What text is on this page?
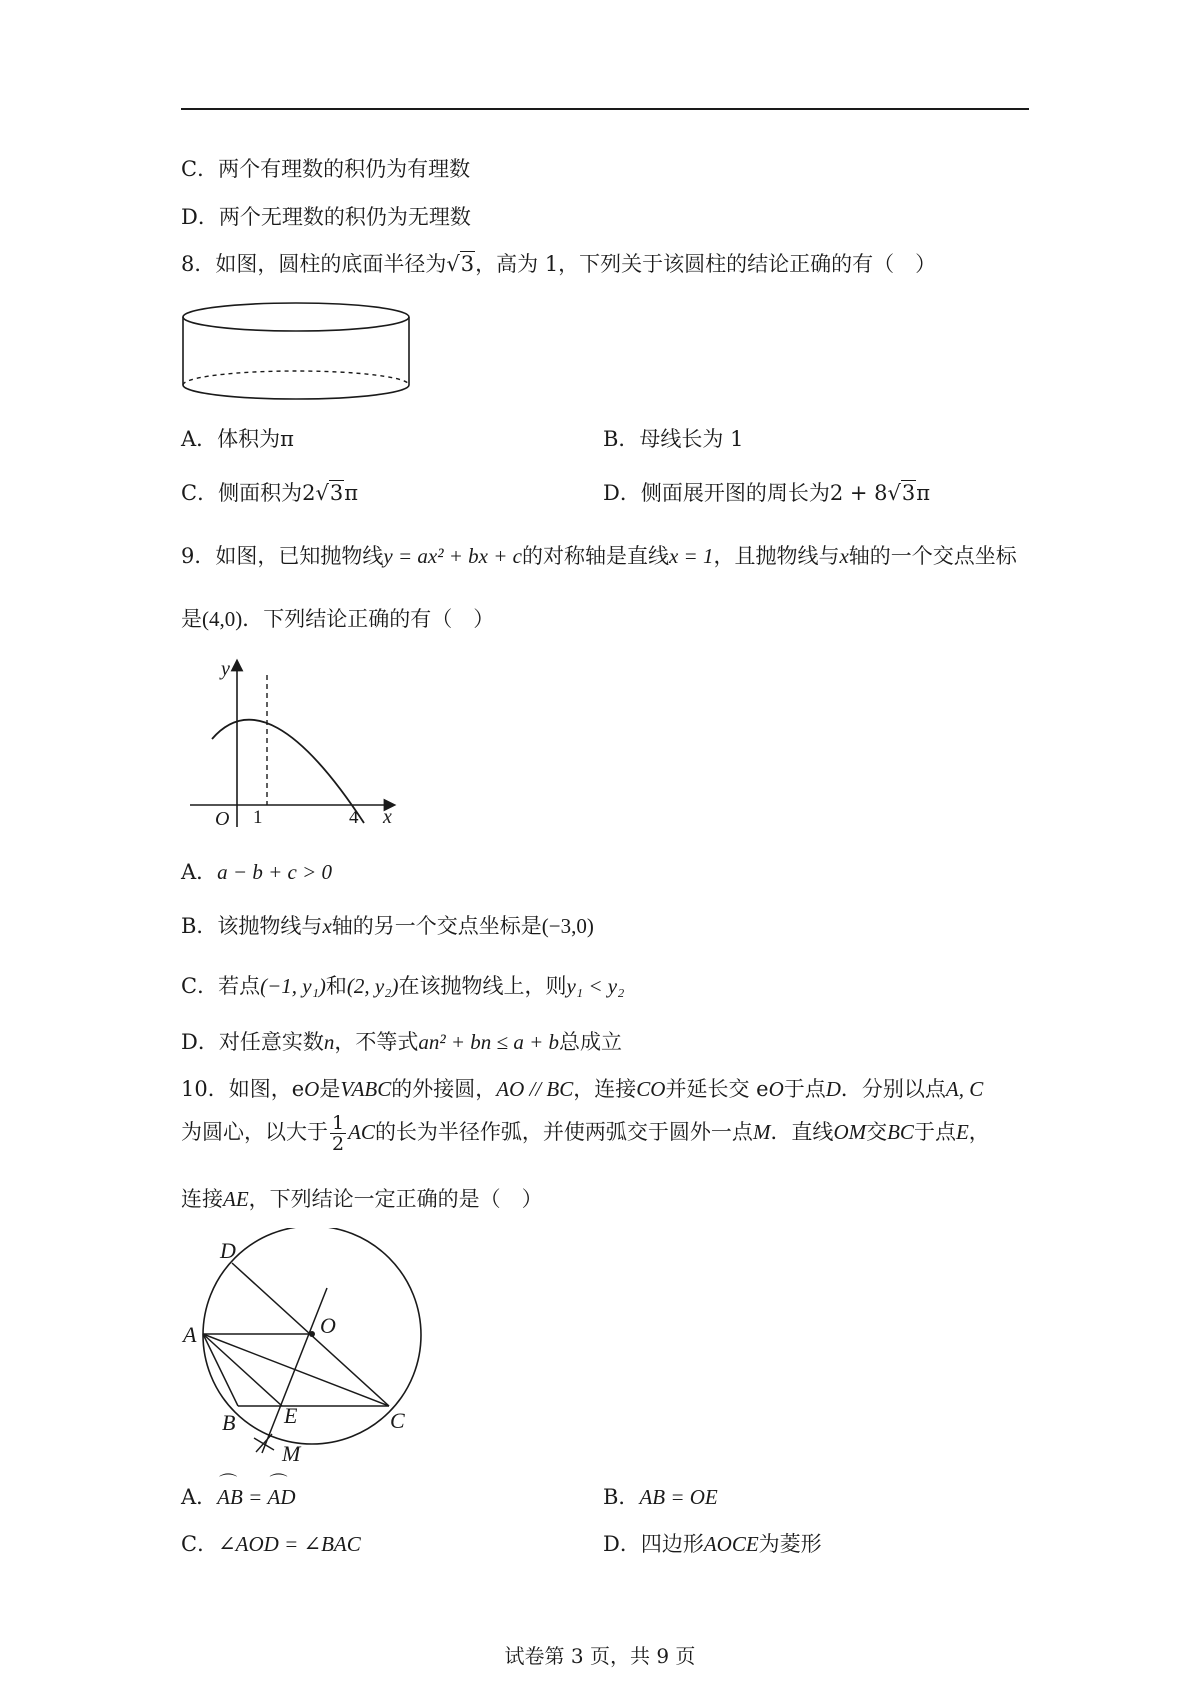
C．两个有理数的积仍为有理数
D．两个无理数的积仍为无理数
8．如图，圆柱的底面半径为√3，高为 1，下列关于该圆柱的结论正确的有（　）
A．体积为π	B．母线长为 1
C．侧面积为2√3π	D．侧面展开图的周长为2 + 8√3π
9．如图，已知抛物线y = ax² + bx + c的对称轴是直线x = 1，且抛物线与x轴的一个交点坐标
是(4,0)．下列结论正确的有（　）
y
x
O 1	4
A．a − b + c > 0
B．该抛物线与x轴的另一个交点坐标是(−3,0)
C．若点(−1, y₁)和(2, y₂)在该抛物线上，则y₁ < y₂
D．对任意实数n，不等式an² + bn ≤ a + b总成立
10．如图，eO是VABC的外接圆，AO // BC，连接CO并延长交 eO于点D．分别以点A, C
为圆心，以大于 $\frac{1}{2}$ AC的长为半径作弧，并使两弧交于圆外一点M．直线OM交BC于点E，
连接AE，下列结论一定正确的是（　）
D
A	O
B E	C
M
A．⌒ AB = ⌒ AD	B．AB = OE
C．∠AOD = ∠BAC	D．四边形AOCE为菱形
试卷第 3 页，共 9 页
